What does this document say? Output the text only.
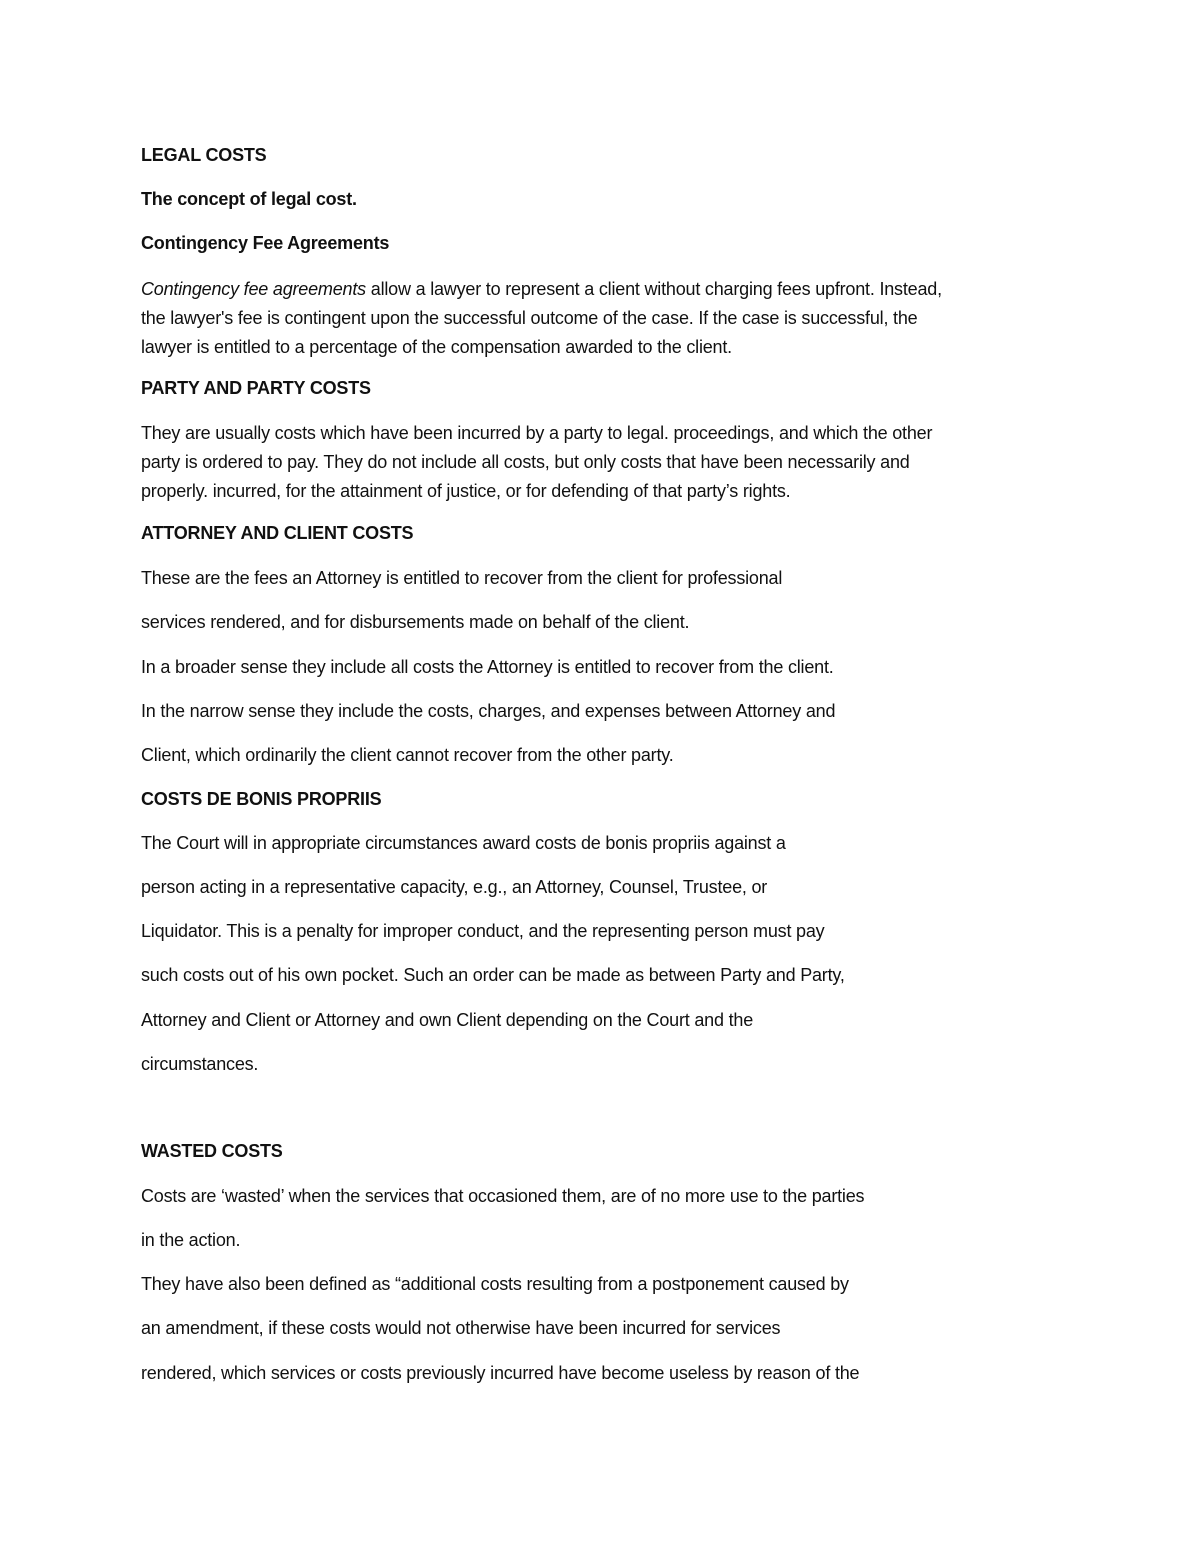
LEGAL COSTS
The concept of legal cost.
Contingency Fee Agreements
Contingency fee agreements allow a lawyer to represent a client without charging fees upfront. Instead,
the lawyer's fee is contingent upon the successful outcome of the case. If the case is successful, the
lawyer is entitled to a percentage of the compensation awarded to the client.
PARTY AND PARTY COSTS
They are usually costs which have been incurred by a party to legal. proceedings, and which the other
party is ordered to pay. They do not include all costs, but only costs that have been necessarily and
properly. incurred, for the attainment of justice, or for defending of that party’s rights.
ATTORNEY AND CLIENT COSTS
These are the fees an Attorney is entitled to recover from the client for professional
services rendered, and for disbursements made on behalf of the client.
In a broader sense they include all costs the Attorney is entitled to recover from the client.
In the narrow sense they include the costs, charges, and expenses between Attorney and
Client, which ordinarily the client cannot recover from the other party.
COSTS DE BONIS PROPRIIS
The Court will in appropriate circumstances award costs de bonis propriis against a
person acting in a representative capacity, e.g., an Attorney, Counsel, Trustee, or
Liquidator. This is a penalty for improper conduct, and the representing person must pay
such costs out of his own pocket. Such an order can be made as between Party and Party,
Attorney and Client or Attorney and own Client depending on the Court and the
circumstances.
WASTED COSTS
Costs are ‘wasted’ when the services that occasioned them, are of no more use to the parties
in the action.
They have also been defined as “additional costs resulting from a postponement caused by
an amendment, if these costs would not otherwise have been incurred for services
rendered, which services or costs previously incurred have become useless by reason of the
